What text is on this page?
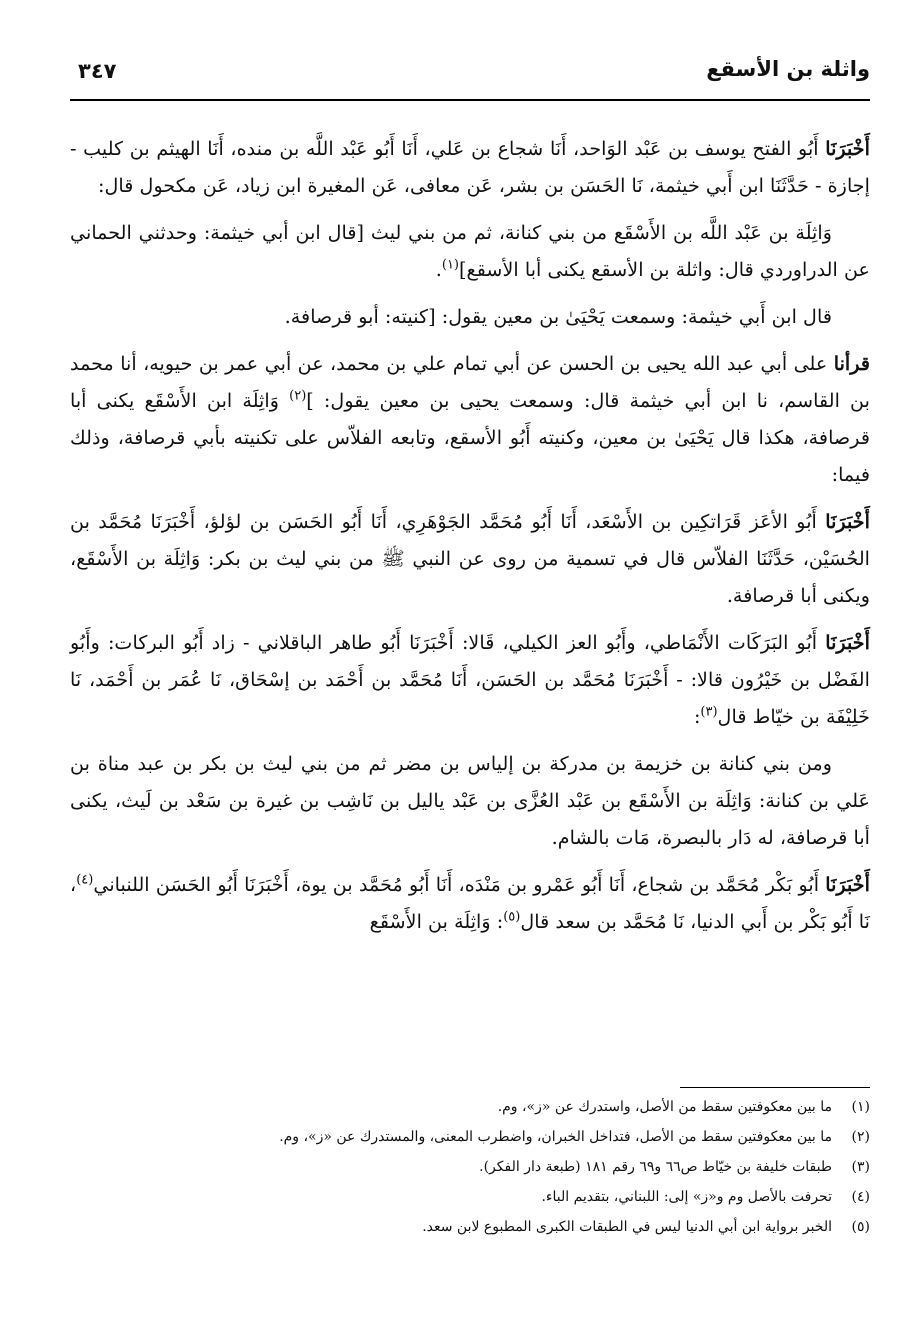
واثلة بن الأسقع
٣٤٧

أَخْبَرَنَا أَبُو الفتح يوسف بن عَبْد الوَاحد، أَنَا شجاع بن عَلي، أَنَا أَبُو عَبْد اللَّه بن منده، أَنَا الهيثم بن كليب - إجازة - حَدَّثَنَا ابن أَبي خيثمة، نَا الحَسَن بن بشر، عَن معافى، عَن المغيرة ابن زياد، عَن مكحول قال:

وَاثِلَة بن عَبْد اللَّه بن الأَسْقَع من بني كنانة، ثم من بني ليث [قال ابن أبي خيثمة: وحدثني الحماني عن الدراوردي قال: واثلة بن الأسقع يكنى أبا الأسقع]$^{(١)}$.

قال ابن أَبي خيثمة: وسمعت يَحْيَىٰ بن معين يقول: [كنيته: أبو قرصافة.

قرأنا على أبي عبد الله يحيى بن الحسن عن أبي تمام علي بن محمد، عن أبي عمر بن حيويه، أنا محمد بن القاسم، نا ابن أبي خيثمة قال: وسمعت يحيى بن معين يقول: ]$^{(٢)}$ وَاثِلَة ابن الأَسْقَع يكنى أبا قرصافة، هكذا قال يَحْيَىٰ بن معين، وكنيته أَبُو الأسقع، وتابعه الفلاّس على تكنيته بأبي قرصافة، وذلك فيما:

أَخْبَرَنَا أَبُو الأعَز قَرَاتكِين بن الأَسْعَد، أَنَا أَبُو مُحَمَّد الجَوْهَرِي، أَنَا أَبُو الحَسَن بن لؤلؤ، أَخْبَرَنَا مُحَمَّد بن الحُسَيْن، حَدَّثَنَا الفلاّس قال في تسمية من روى عن النبي ﷺ من بني ليث بن بكر: وَاثِلَة بن الأَسْقَع، ويكنى أبا قرصافة.

أَخْبَرَنَا أَبُو البَرَكَات الأَنْمَاطي، وأَبُو العز الكيلي، قَالا: أَخْبَرَنَا أَبُو طاهر الباقلاني - زاد أَبُو البركات: وأَبُو الفَضْل بن خَيْرُون قالا: - أَخْبَرَنَا مُحَمَّد بن الحَسَن، أَنَا مُحَمَّد بن أَحْمَد بن إسْحَاق، نَا عُمَر بن أَحْمَد، نَا خَلِيْفَة بن خيّاط قال$^{(٣)}$:

ومن بني كنانة بن خزيمة بن مدركة بن إلياس بن مضر ثم من بني ليث بن بكر بن عبد مناة بن عَلي بن كنانة: وَاثِلَة بن الأَسْقَع بن عَبْد العُزَّى بن عَبْد ياليل بن نَاشِب بن غيرة بن سَعْد بن لَيث، يكنى أبا قرصافة، له دَار بالبصرة، مَات بالشام.

أَخْبَرَنَا أَبُو بَكْر مُحَمَّد بن شجاع، أَنَا أَبُو عَمْرو بن مَنْدَه، أَنَا أَبُو مُحَمَّد بن يوة، أَخْبَرَنَا أَبُو الحَسَن اللنباني$^{(٤)}$، نَا أَبُو بَكْر بن أَبي الدنيا، نَا مُحَمَّد بن سعد قال$^{(٥)}$: وَاثِلَة بن الأَسْقَع

(١)
ما بين معكوفتين سقط من الأصل، واستدرك عن «ز»، وم.
(٢)
ما بين معكوفتين سقط من الأصل، فتداخل الخبران، واضطرب المعنى، والمستدرك عن «ز»، وم.
(٣)
طبقات خليفة بن خيّاط ص٦٦ و٦٩ رقم ١٨١ (طبعة دار الفكر).
(٤)
تحرفت بالأصل وم و«ز» إلى: اللبناني، بتقديم الباء.
(٥)
الخبر برواية ابن أبي الدنيا ليس في الطبقات الكبرى المطبوع لابن سعد.
